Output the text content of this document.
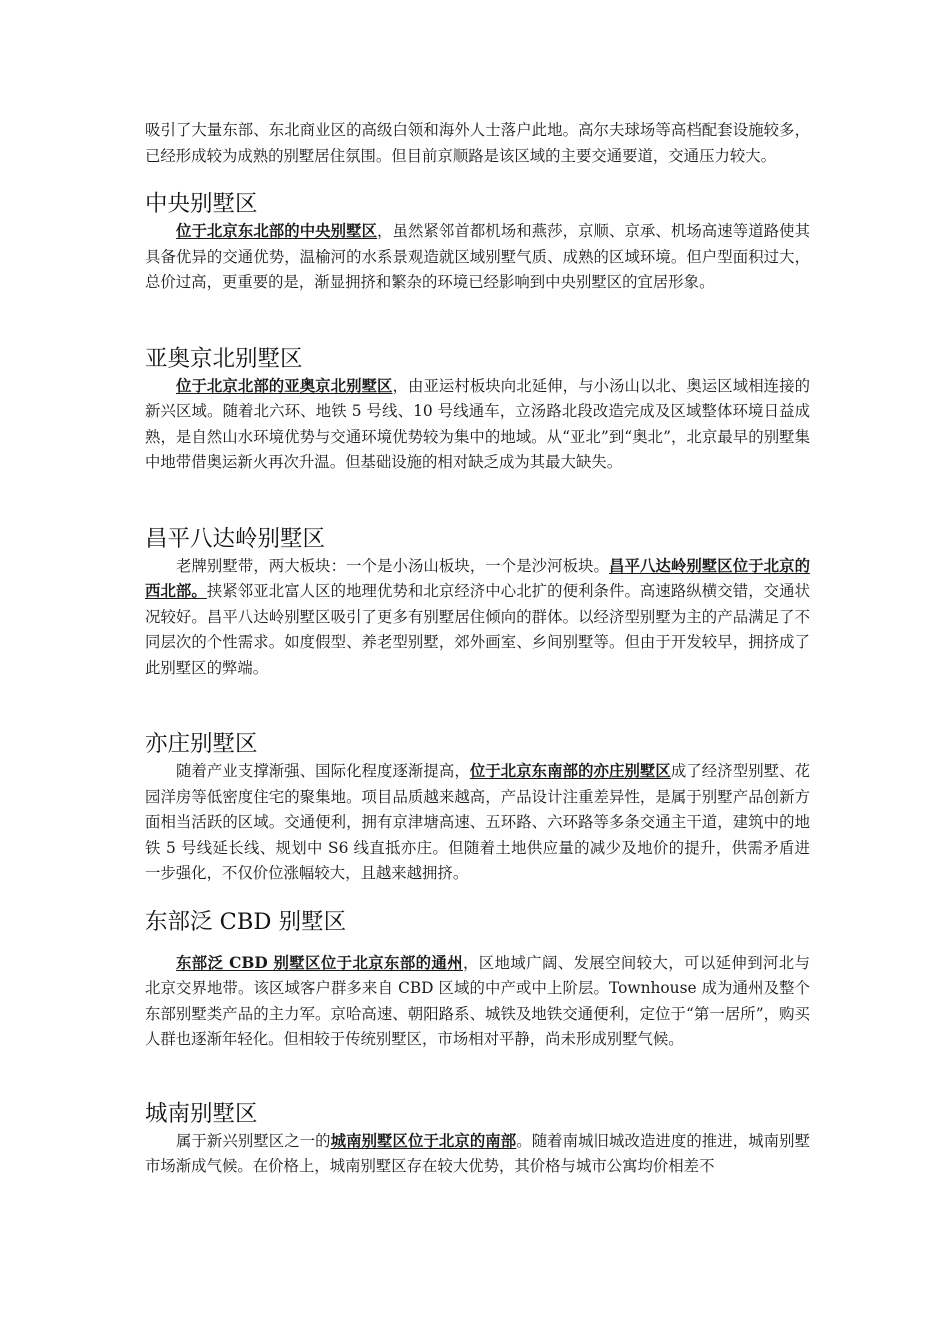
吸引了大量东部、东北商业区的高级白领和海外人士落户此地。高尔夫球场等高档配套设施较多，已经形成较为成熟的别墅居住氛围。但目前京顺路是该区域的主要交通要道，交通压力较大。

中央别墅区

位于北京东北部的中央别墅区，虽然紧邻首都机场和燕莎，京顺、京承、机场高速等道路使其具备优异的交通优势，温榆河的水系景观造就区域别墅气质、成熟的区域环境。但户型面积过大，总价过高，更重要的是，渐显拥挤和繁杂的环境已经影响到中央别墅区的宜居形象。

亚奥京北别墅区

位于北京北部的亚奥京北别墅区，由亚运村板块向北延伸，与小汤山以北、奥运区域相连接的新兴区域。随着北六环、地铁 5 号线、10 号线通车，立汤路北段改造完成及区域整体环境日益成熟，是自然山水环境优势与交通环境优势较为集中的地域。从“亚北”到“奥北”，北京最早的别墅集中地带借奥运新火再次升温。但基础设施的相对缺乏成为其最大缺失。

昌平八达岭别墅区

老牌别墅带，两大板块：一个是小汤山板块，一个是沙河板块。昌平八达岭别墅区位于北京的西北部。挟紧邻亚北富人区的地理优势和北京经济中心北扩的便利条件。高速路纵横交错，交通状况较好。昌平八达岭别墅区吸引了更多有别墅居住倾向的群体。以经济型别墅为主的产品满足了不同层次的个性需求。如度假型、养老型别墅，郊外画室、乡间别墅等。但由于开发较早，拥挤成了此别墅区的弊端。

亦庄别墅区

随着产业支撑渐强、国际化程度逐渐提高，位于北京东南部的亦庄别墅区成了经济型别墅、花园洋房等低密度住宅的聚集地。项目品质越来越高，产品设计注重差异性，是属于别墅产品创新方面相当活跃的区域。交通便利，拥有京津塘高速、五环路、六环路等多条交通主干道，建筑中的地铁 5 号线延长线、规划中 S6 线直抵亦庄。但随着土地供应量的减少及地价的提升，供需矛盾进一步强化，不仅价位涨幅较大，且越来越拥挤。

东部泛 CBD 别墅区

东部泛 CBD 别墅区位于北京东部的通州，区地域广阔、发展空间较大，可以延伸到河北与北京交界地带。该区域客户群多来自 CBD 区域的中产或中上阶层。Townhouse 成为通州及整个东部别墅类产品的主力军。京哈高速、朝阳路系、城铁及地铁交通便利，定位于“第一居所”，购买人群也逐渐年轻化。但相较于传统别墅区，市场相对平静，尚未形成别墅气候。

城南别墅区

属于新兴别墅区之一的城南别墅区位于北京的南部。随着南城旧城改造进度的推进，城南别墅市场渐成气候。在价格上，城南别墅区存在较大优势，其价格与城市公寓均价相差不
